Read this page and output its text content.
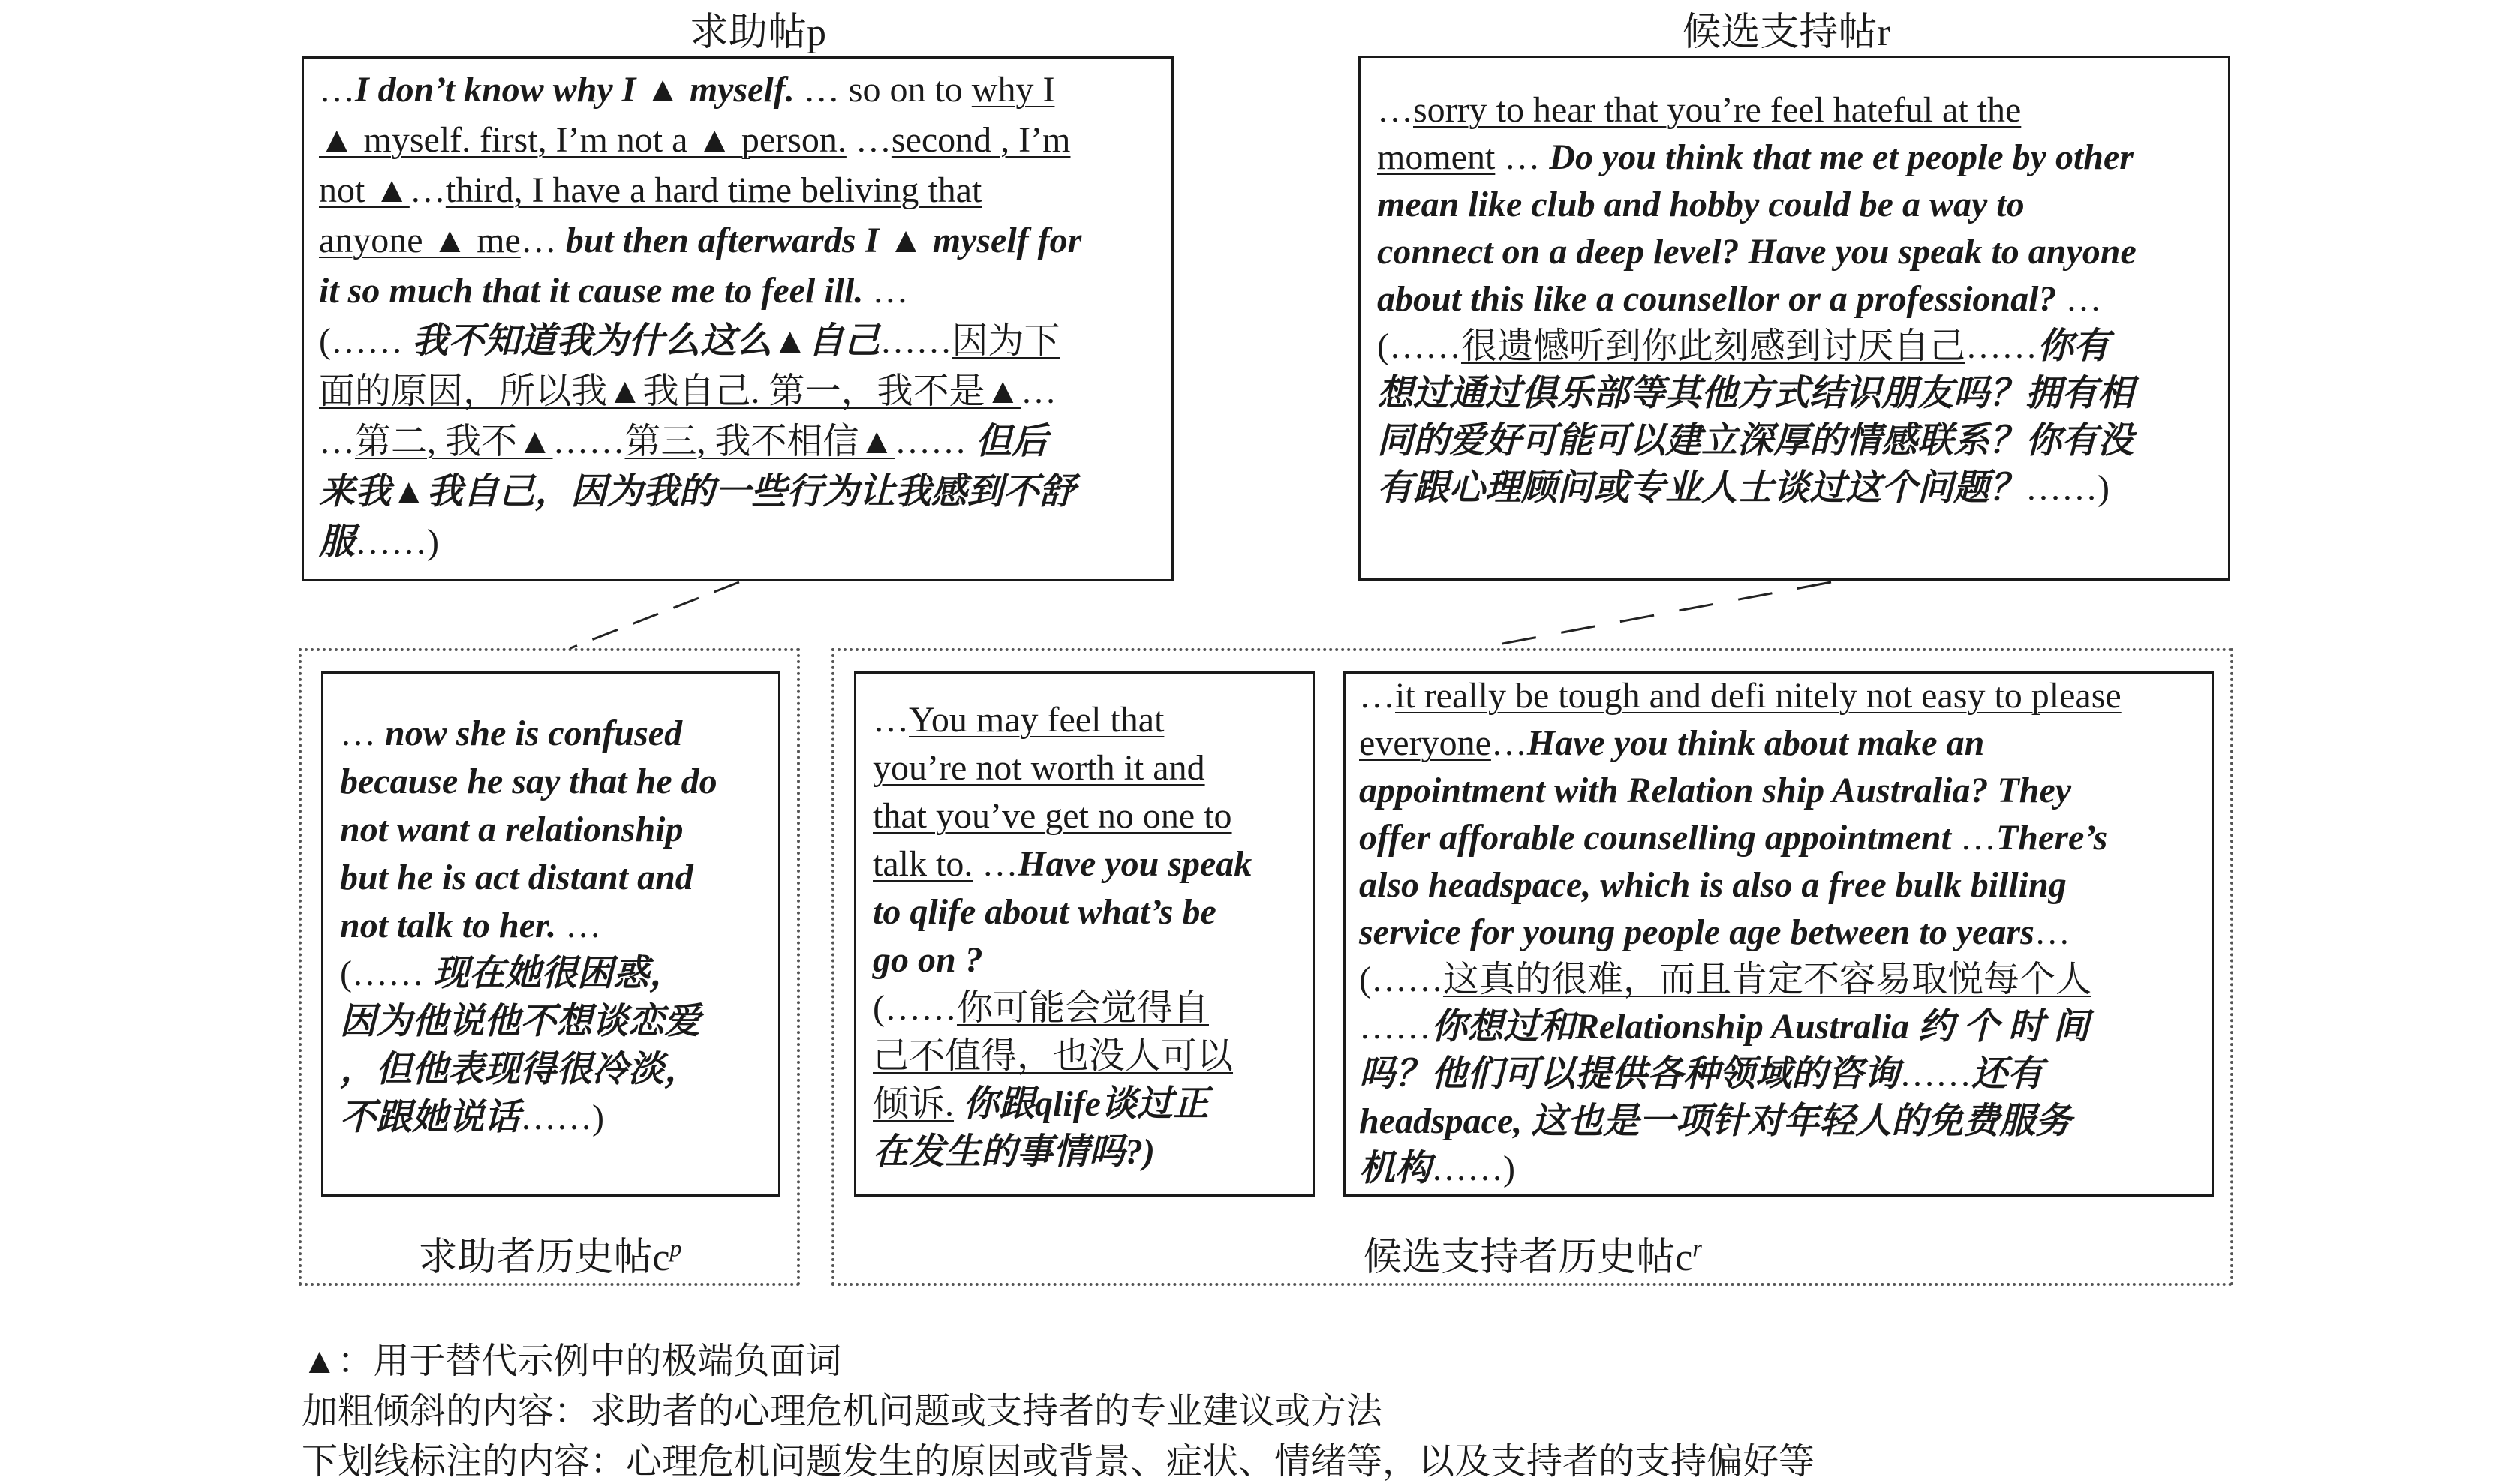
求助帖p	候选支持帖r
…I don’t know why I ▲ myself. … so on to why I
▲ myself. first, I’m not a ▲ person. …second , I’m
not ▲…third, I have a hard time beliving that
anyone ▲ me… but then afterwards I ▲ myself for
it so much that it cause me to feel ill. …
(…… 我不知道我为什么这么▲自己……因为下
面的原因，所以我▲我自己. 第一，我不是▲…
…第二, 我不▲……第三, 我不相信▲…… 但后
来我▲我自己，因为我的一些行为让我感到不舒
服……)
…sorry to hear that you’re feel hateful at the
moment … Do you think that me et people by other
mean like club and hobby could be a way to
connect on a deep level? Have you speak to anyone
about this like a counsellor or a professional? …
(……很遗憾听到你此刻感到讨厌自己……你有
想过通过俱乐部等其他方式结识朋友吗？拥有相
同的爱好可能可以建立深厚的情感联系？你有没
有跟心理顾问或专业人士谈过这个问题？……)
… now she is confused
because he say that he do
not want a relationship
but he is act distant and
not talk to her. …
(…… 现在她很困惑，
因为他说他不想谈恋爱
，但他表现得很冷淡，
不跟她说话……)
…You may feel that
you’re not worth it and
that you’ve get no one to
talk to. …Have you speak
to qlife about what’s be
go on ?
(……你可能会觉得自
己不值得，也没人可以
倾诉. 你跟qlife谈过正
在发生的事情吗?)
…it really be tough and defi nitely not easy to please
everyone…Have you think about make an
appointment with Relation ship Australia? They
offer afforable counselling appointment …There’s
also headspace, which is also a free bulk billing
service for young people age between to years…
(……这真的很难，而且肯定不容易取悦每个人
……你想过和Relationship Australia 约 个 时 间
吗？他们可以提供各种领域的咨询……还有
headspace, 这也是一项针对年轻人的免费服务
机构……)
求助者历史帖$c^p$	候选支持者历史帖$c^r$
▲：用于替代示例中的极端负面词
加粗倾斜的内容：求助者的心理危机问题或支持者的专业建议或方法
下划线标注的内容：心理危机问题发生的原因或背景、症状、情绪等，以及支持者的支持偏好等
